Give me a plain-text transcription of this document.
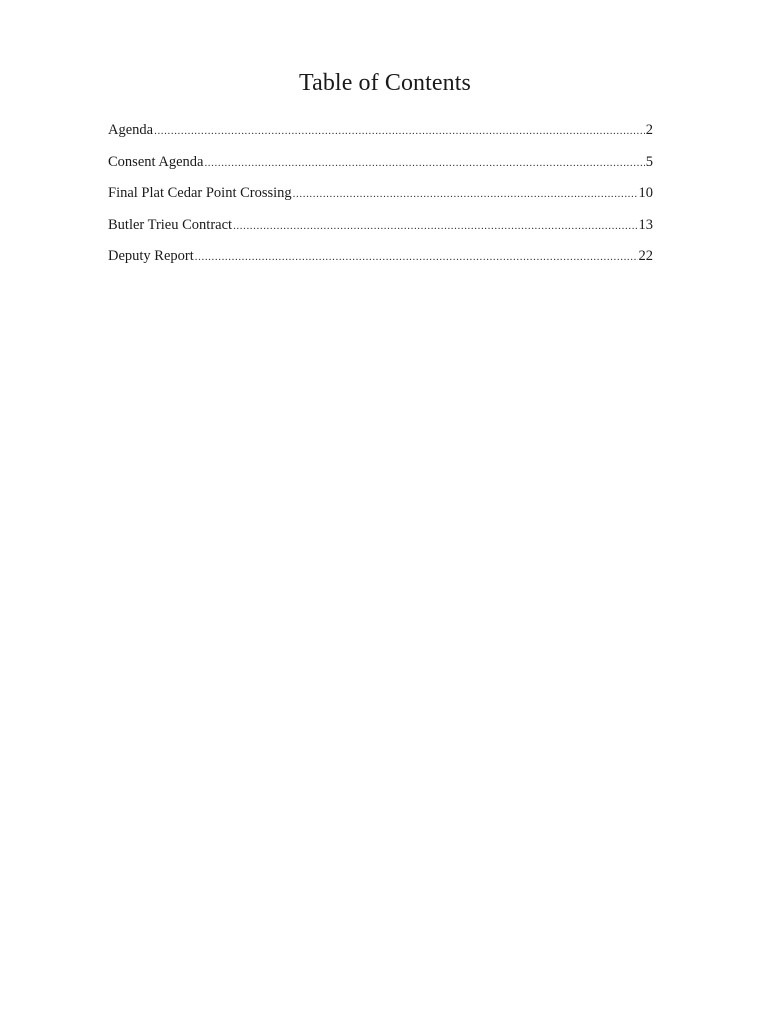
Table of Contents
Agenda .....	2
Consent Agenda .....	5
Final Plat Cedar Point Crossing .....	10
Butler Trieu Contract .....	13
Deputy Report .....	22
